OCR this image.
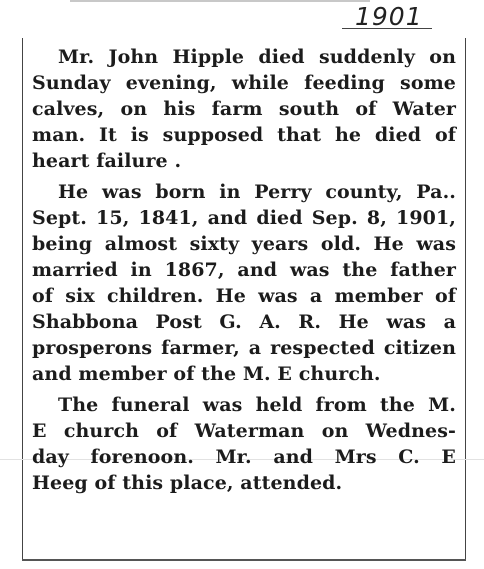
1901
Mr. John Hipple died suddenly on
Sunday evening, while feeding some
calves, on his farm south of Water
man. It is supposed that he died of
heart failure .
He was born in Perry county, Pa..
Sept. 15, 1841, and died Sep. 8, 1901,
being almost sixty years old. He was
married in 1867, and was the father
of six children. He was a member of
Shabbona Post G. A. R. He was a
prosperons farmer, a respected citizen
and member of the M. E church.
The funeral was held from the M.
E church of Waterman on Wednes-
day forenoon. Mr. and Mrs C. E
Heeg of this place, attended.
